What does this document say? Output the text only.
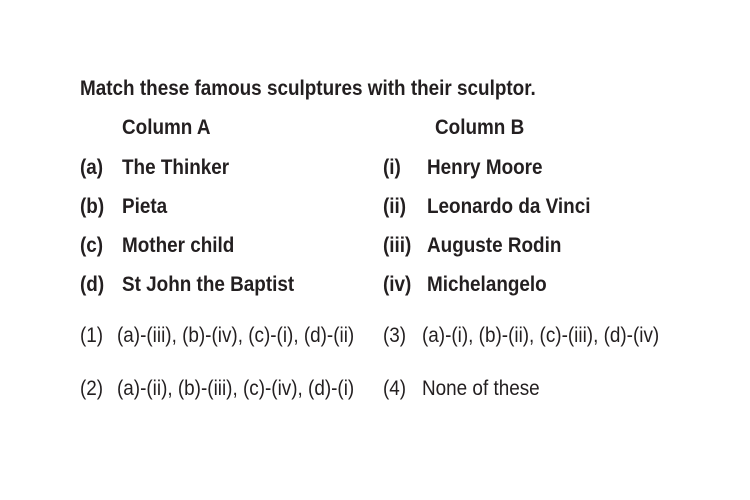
Match these famous sculptures with their sculptor.
Column A	Column B
(a) The Thinker
(b) Pieta
(c) Mother child
(d) St John the Baptist
(i) Henry Moore
(ii) Leonardo da Vinci
(iii) Auguste Rodin
(iv) Michelangelo
(1) (a)-(iii), (b)-(iv), (c)-(i), (d)-(ii) (3) (a)-(i), (b)-(ii), (c)-(iii), (d)-(iv)
(2) (a)-(ii), (b)-(iii), (c)-(iv), (d)-(i) (4) None of these
